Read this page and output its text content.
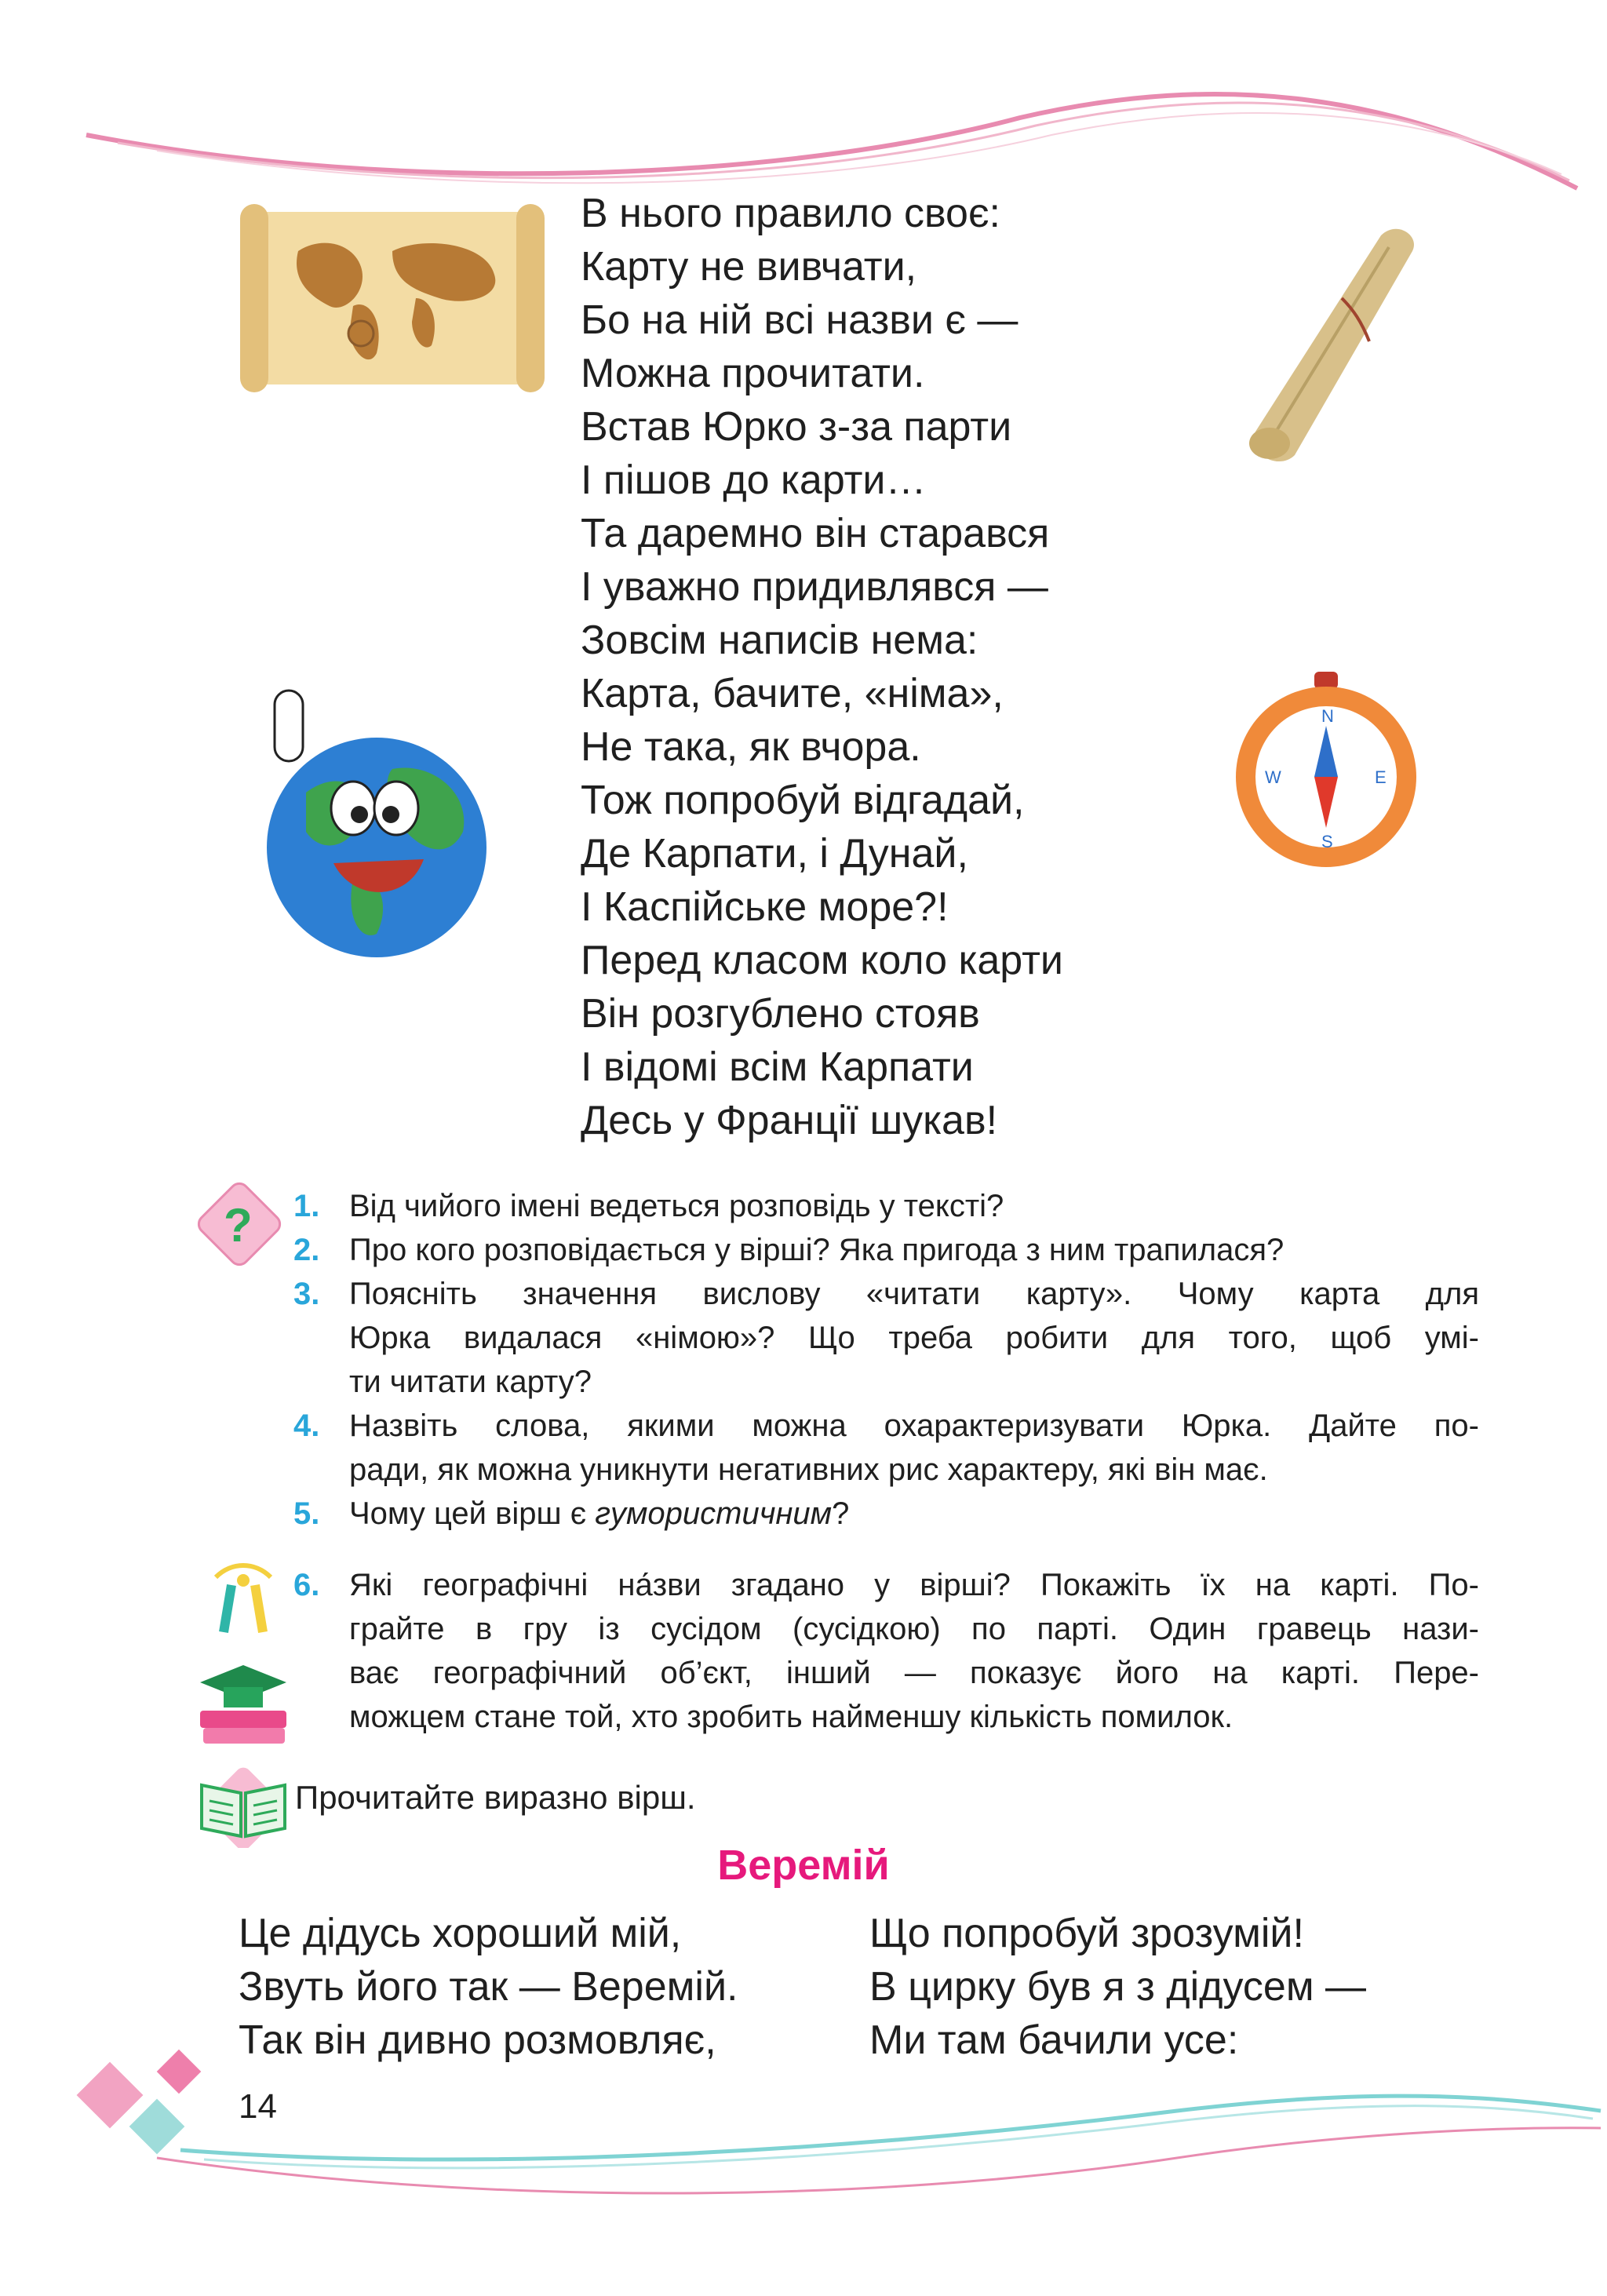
N
S
W	E
В нього правило своє:
Карту не вивчати,
Бо на ній всі назви є —
Можна прочитати.
Встав Юрко з-за парти
І пішов до карти…
Та даремно він старався
І уважно придивлявся —
Зовсім написів нема:
Карта, бачите, «німа»,
Не така, як вчора.
Тож попробуй відгадай,
Де Карпати, і Дунай,
І Каспійське море?!
Перед класом коло карти
Він розгублено стояв
І відомі всім Карпати
Десь у Франції шукав!
? 1. Від чийого імені ведеться розповідь у тексті?
2. Про кого розповідається у вірші? Яка пригода з ним трапилася?
3. Поясніть значення вислову «читати карту». Чому карта для
Юрка видалася «німою»? Що треба робити для того, щоб умі-
ти читати карту?
4. Назвіть слова, якими можна охарактеризувати Юрка. Дайте по-
ради, як можна уникнути негативних рис характеру, які він має.
5. Чому цей вірш є гумористичним?
6. Які географічні на́зви згадано у вірші? Покажіть їх на карті. По-
грайте в гру із сусідом (сусідкою) по парті. Один гравець нази-
ває географічний об’єкт, інший — показує його на карті. Пере-
можцем стане той, хто зробить найменшу кількість помилок.
Прочитайте виразно вірш.
Веремій
Це дідусь хороший мій,
Звуть його так — Веремій.
Так він дивно розмовляє,
Що попробуй зрозумій!
В цирку був я з дідусем —
Ми там бачили усе:
14
